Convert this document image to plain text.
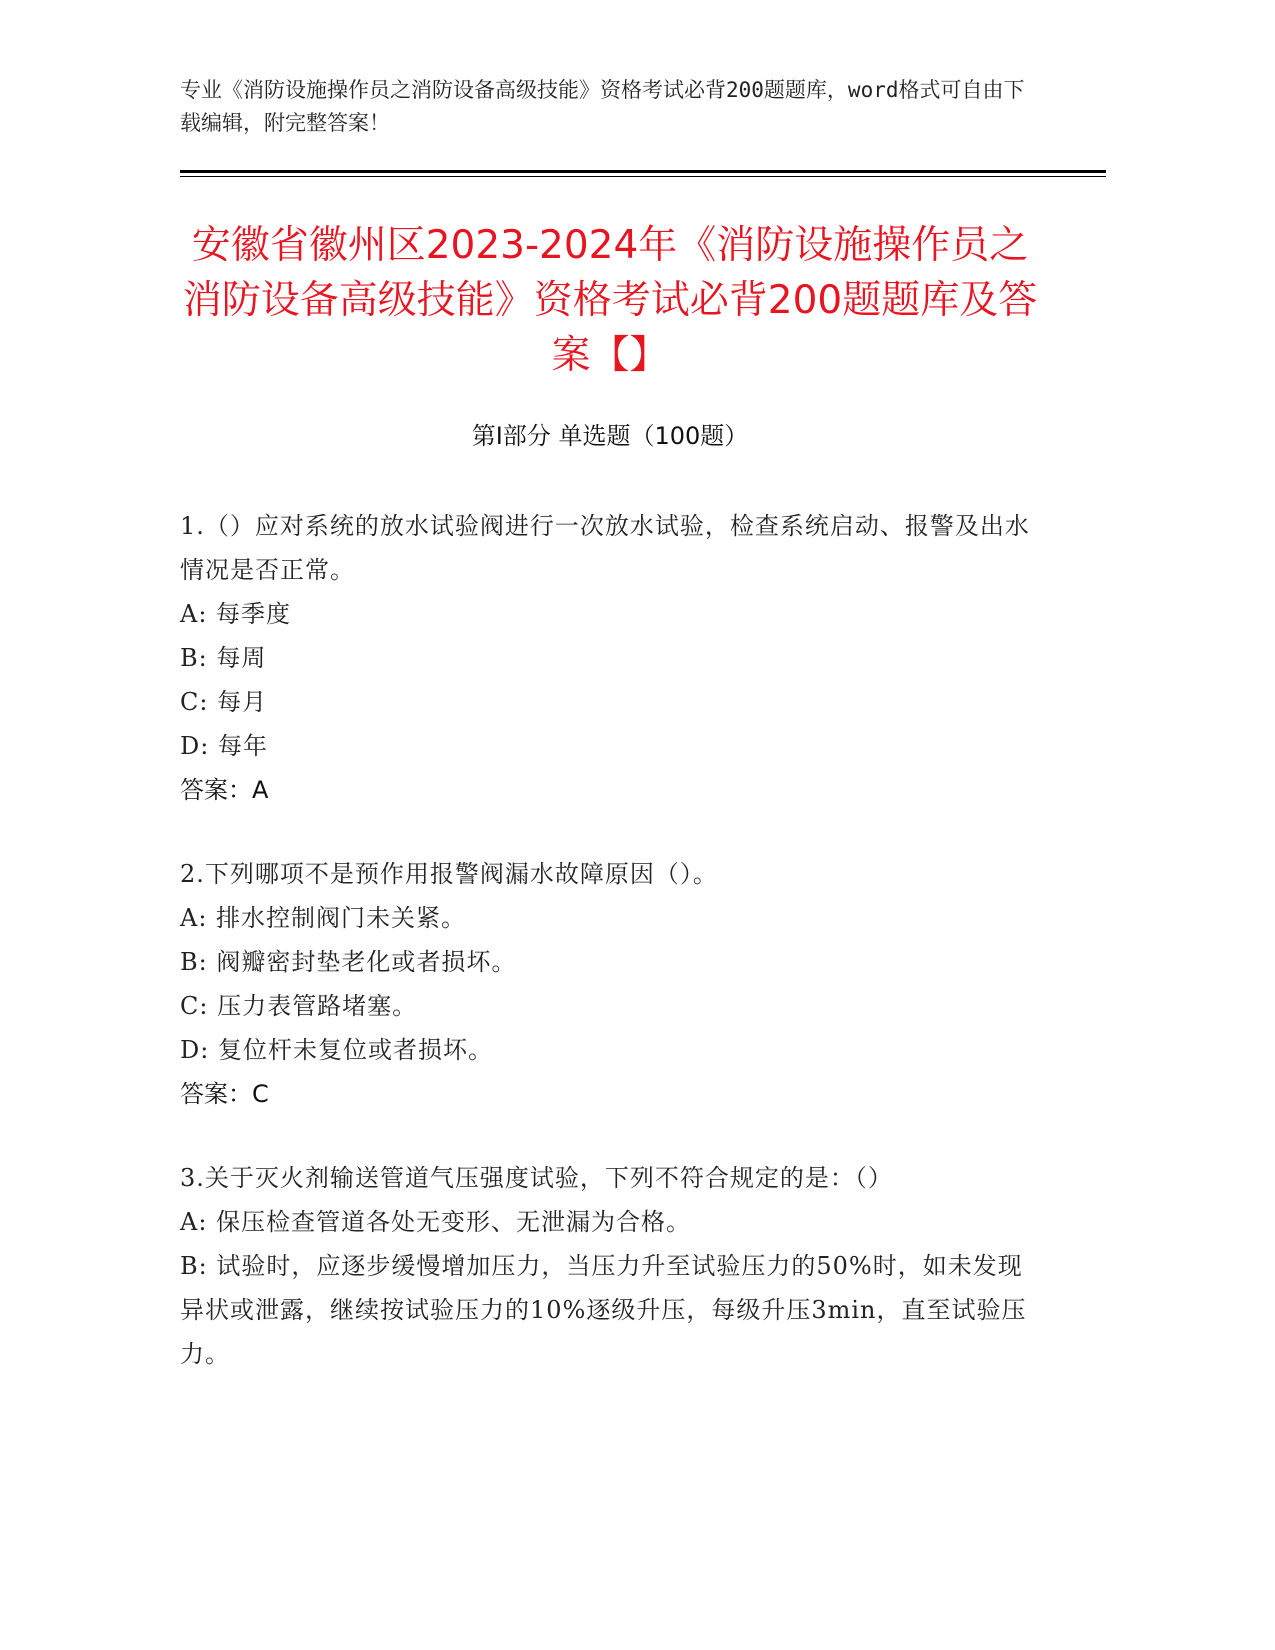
专业《消防设施操作员之消防设备高级技能》资格考试必背200题题库，word格式可自由下载编辑，附完整答案！
安徽省徽州区2023-2024年《消防设施操作员之消防设备高级技能》资格考试必背200题题库及答案【】
第I部分 单选题（100题）
1.（）应对系统的放水试验阀进行一次放水试验，检查系统启动、报警及出水情况是否正常。
A: 每季度
B: 每周
C: 每月
D: 每年
答案：A
2.下列哪项不是预作用报警阀漏水故障原因（）。
A: 排水控制阀门未关紧。
B: 阀瓣密封垫老化或者损坏。
C: 压力表管路堵塞。
D: 复位杆未复位或者损坏。
答案：C
3.关于灭火剂输送管道气压强度试验，下列不符合规定的是：（）
A: 保压检查管道各处无变形、无泄漏为合格。
B: 试验时，应逐步缓慢增加压力，当压力升至试验压力的50%时，如未发现异状或泄露，继续按试验压力的10%逐级升压，每级升压3min，直至试验压力。
